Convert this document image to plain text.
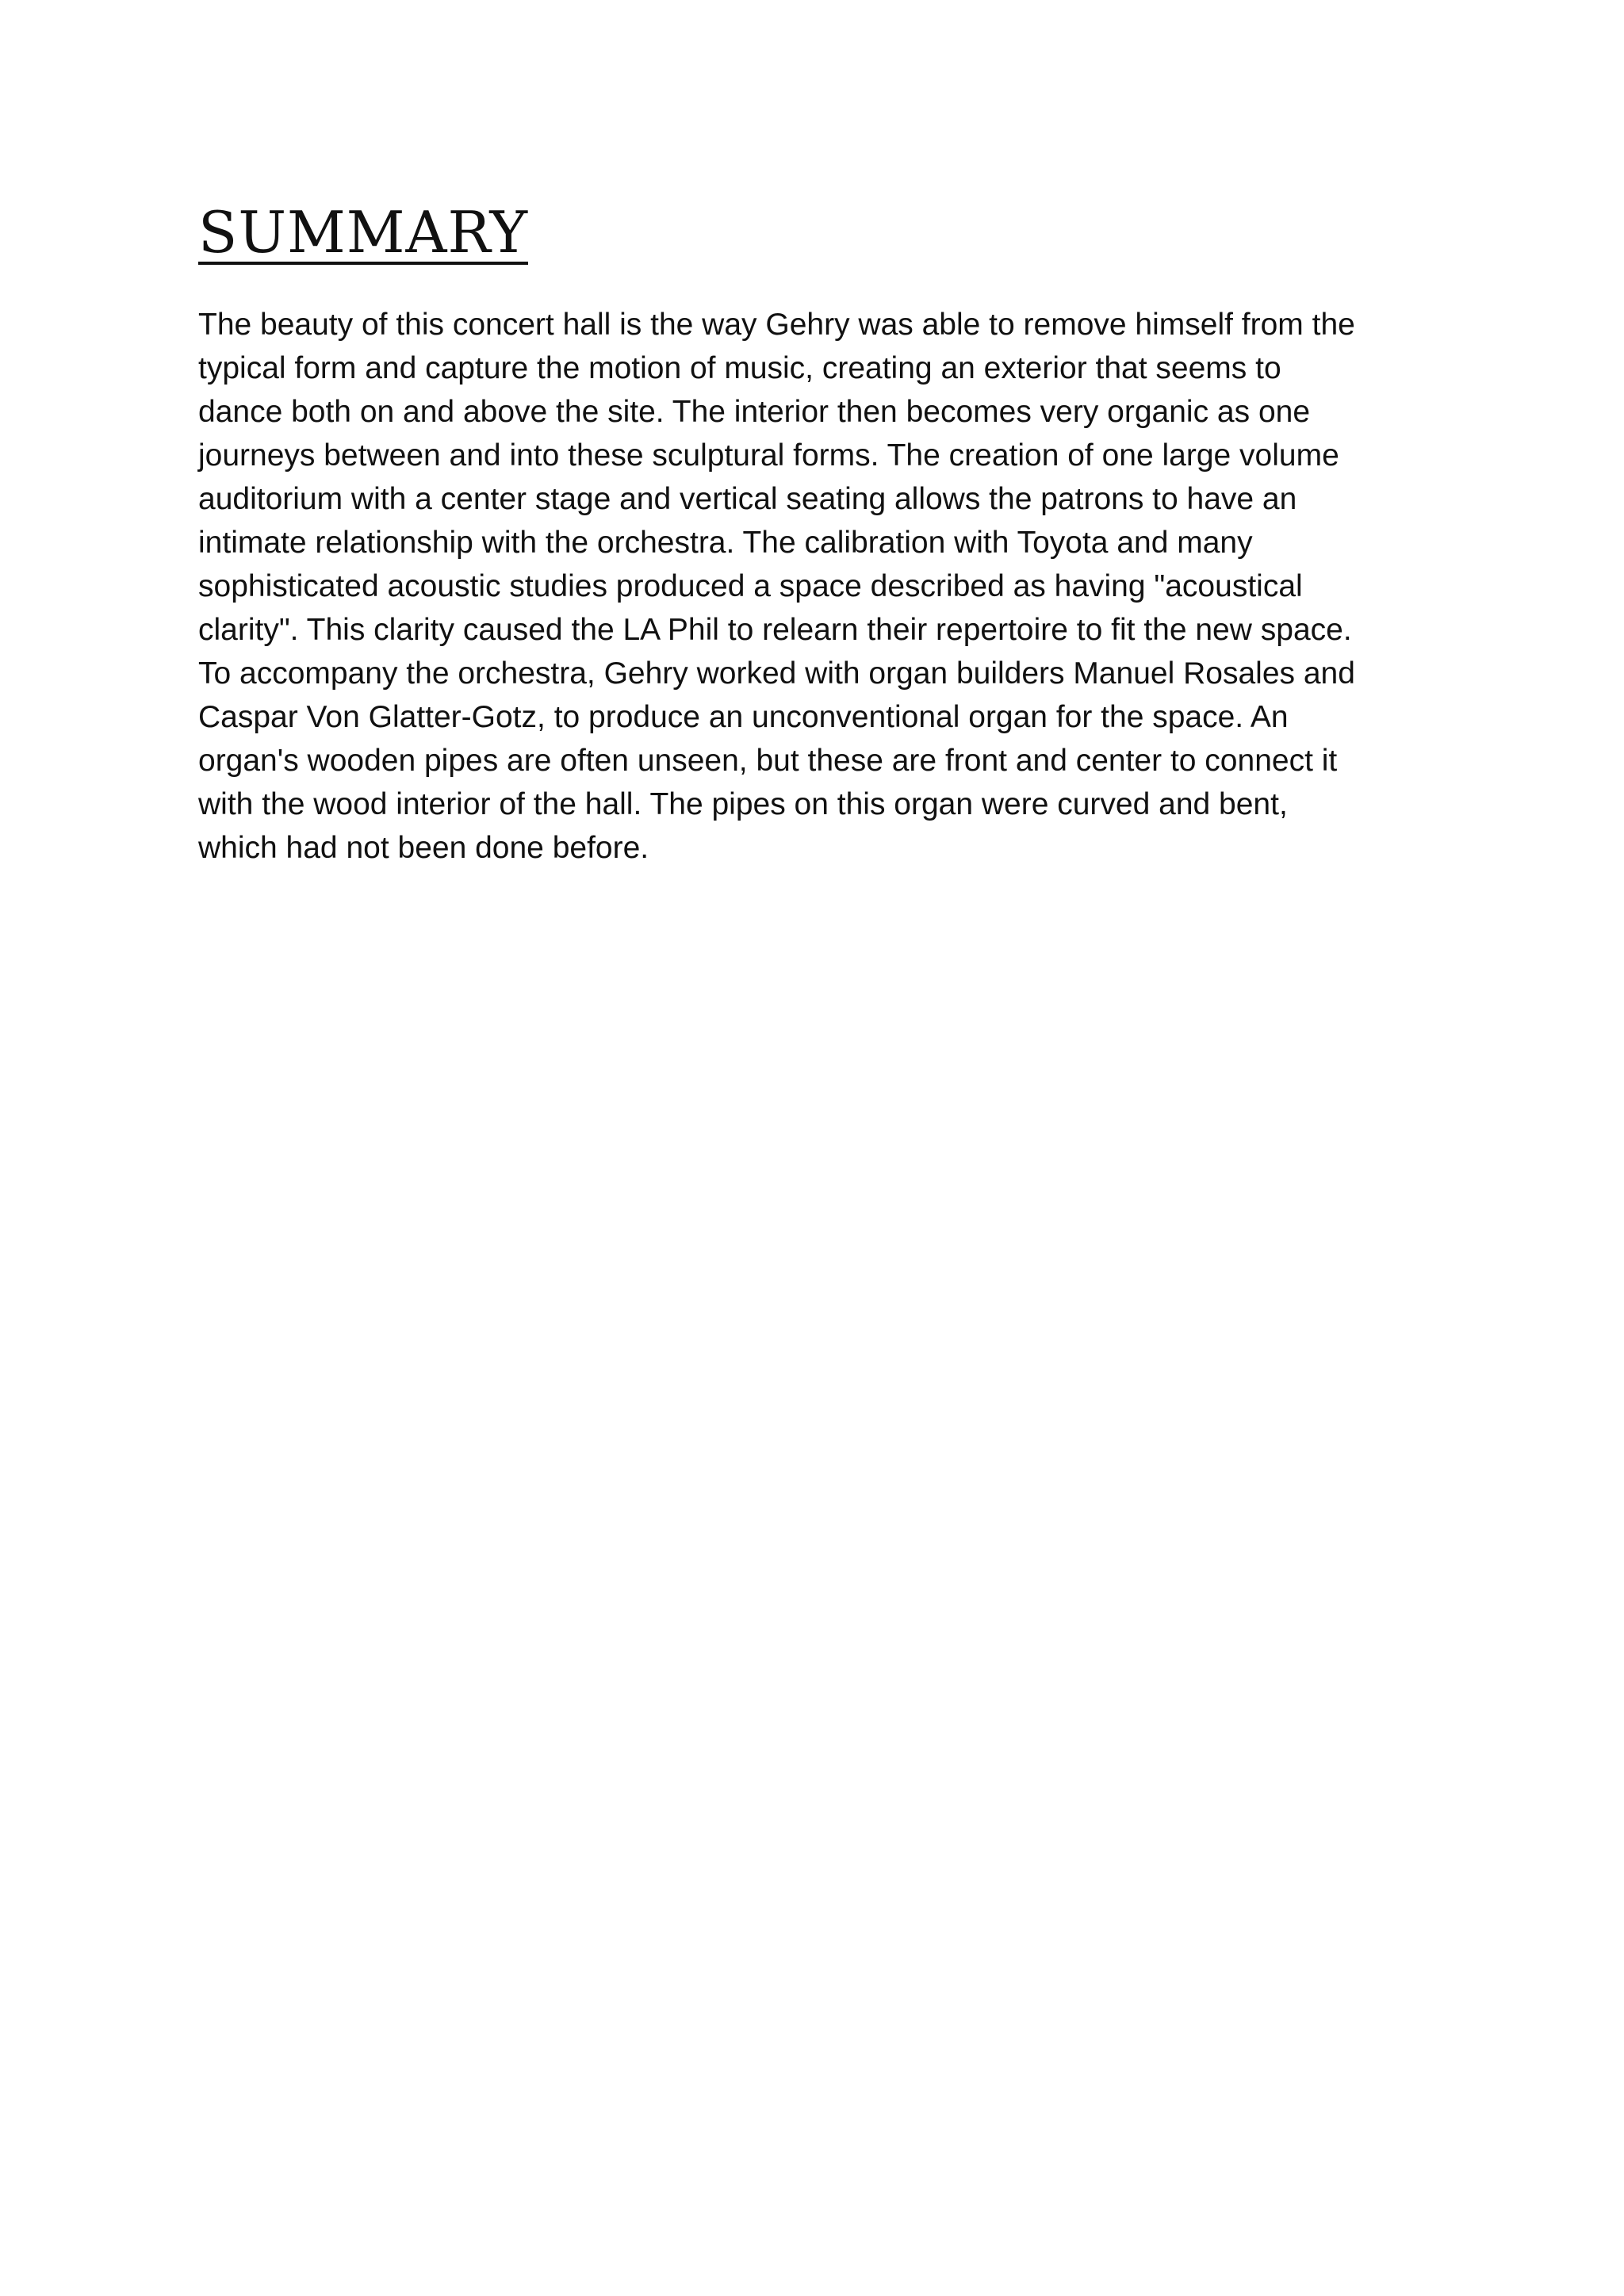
SUMMARY

The beauty of this concert hall is the way Gehry was able to remove himself from the
typical form and capture the motion of music, creating an exterior that seems to
dance both on and above the site. The interior then becomes very organic as one
journeys between and into these sculptural forms. The creation of one large volume
auditorium with a center stage and vertical seating allows the patrons to have an
intimate relationship with the orchestra. The calibration with Toyota and many
sophisticated acoustic studies produced a space described as having "acoustical
clarity". This clarity caused the LA Phil to relearn their repertoire to fit the new space.
To accompany the orchestra, Gehry worked with organ builders Manuel Rosales and
Caspar Von Glatter-Gotz, to produce an unconventional organ for the space. An
organ's wooden pipes are often unseen, but these are front and center to connect it
with the wood interior of the hall. The pipes on this organ were curved and bent,
which had not been done before.
